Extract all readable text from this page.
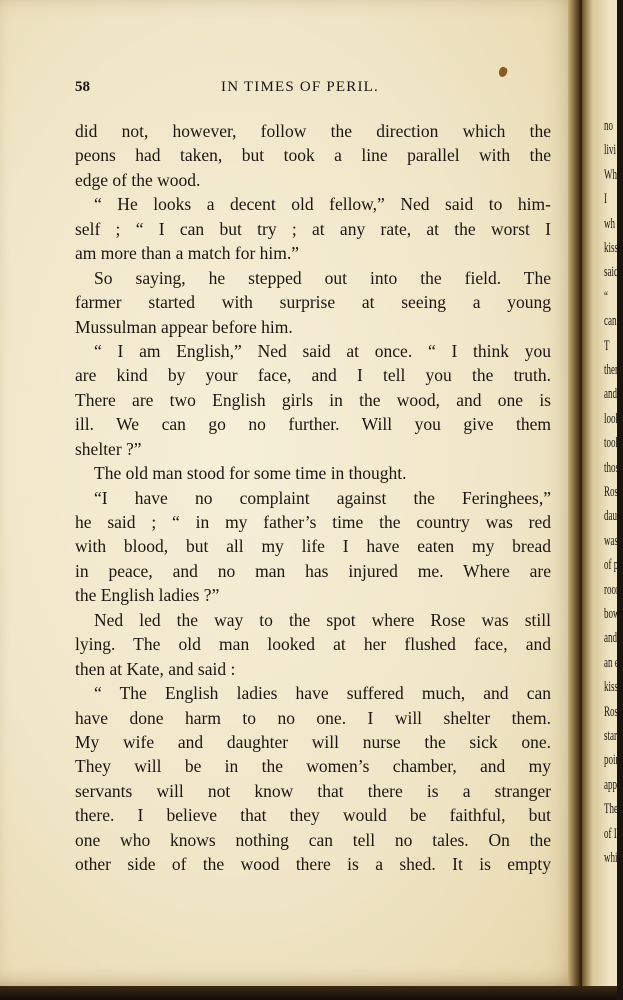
no
livi
Wh
I
wh
kiss
said
“
can
T
ther
and
look
took
thos
Rose
daug
was
of pi
room
bowl
and
an e
kiss
Rose
start
poin
appa
The
of I
whic
58	IN TIMES OF PERIL.
did not, however, follow the direction which the
peons had taken, but took a line parallel with the
edge of the wood.
“ He looks a decent old fellow,” Ned said to him-
self ; “ I can but try ; at any rate, at the worst I
am more than a match for him.”
So saying, he stepped out into the field. The
farmer started with surprise at seeing a young
Mussulman appear before him.
“ I am English,” Ned said at once. “ I think you
are kind by your face, and I tell you the truth.
There are two English girls in the wood, and one is
ill. We can go no further. Will you give them
shelter ?”
The old man stood for some time in thought.
“I have no complaint against the Feringhees,”
he said ; “ in my father’s time the country was red
with blood, but all my life I have eaten my bread
in peace, and no man has injured me. Where are
the English ladies ?”
Ned led the way to the spot where Rose was still
lying. The old man looked at her flushed face, and
then at Kate, and said :
“ The English ladies have suffered much, and can
have done harm to no one. I will shelter them.
My wife and daughter will nurse the sick one.
They will be in the women’s chamber, and my
servants will not know that there is a stranger
there. I believe that they would be faithful, but
one who knows nothing can tell no tales. On the
other side of the wood there is a shed. It is empty
